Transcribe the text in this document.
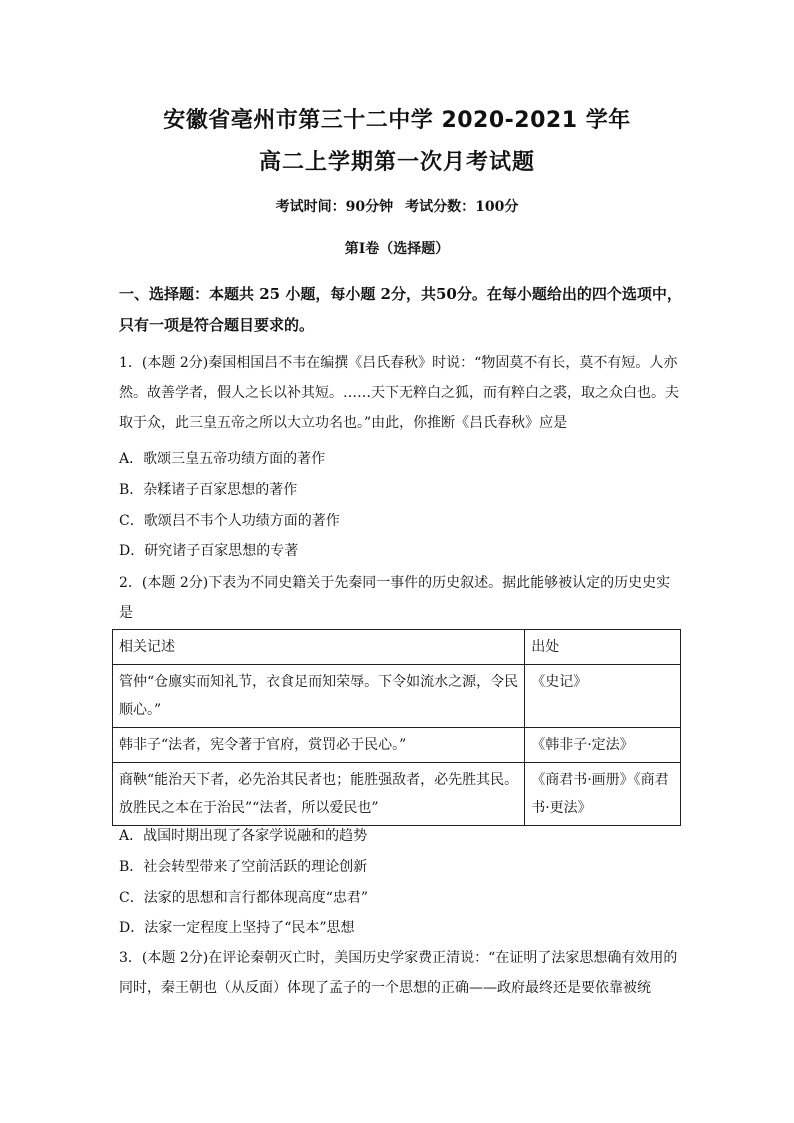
安徽省亳州市第三十二中学 2020-2021 学年
高二上学期第一次月考试题
考试时间：90分钟 考试分数：100分
第Ⅰ卷（选择题）
一、选择题：本题共 25 小题，每小题 2分，共50分。在每小题给出的四个选项中，只有一项是符合题目要求的。
1．(本题 2分)秦国相国吕不韦在编撰《吕氏春秋》时说：“物固莫不有长，莫不有短。人亦然。故善学者，假人之长以补其短。……天下无粹白之狐，而有粹白之裘，取之众白也。夫取于众，此三皇五帝之所以大立功名也。”由此，你推断《吕氏春秋》应是
A．歌颂三皇五帝功绩方面的著作
B．杂糅诸子百家思想的著作
C．歌颂吕不韦个人功绩方面的著作
D．研究诸子百家思想的专著
2．(本题 2分)下表为不同史籍关于先秦同一事件的历史叙述。据此能够被认定的历史史实是
相关记述	出处
管仲“仓廪实而知礼节，衣食足而知荣辱。下令如流水之源，令民顺心。”	《史记》
韩非子“法者，宪令著于官府，赏罚必于民心。”	《韩非子·定法》
商鞅“能治天下者，必先治其民者也；能胜强敌者，必先胜其民。放胜民之本在于治民”“法者，所以爱民也”	《商君书·画册》《商君书·更法》
A．战国时期出现了各家学说融和的趋势
B．社会转型带来了空前活跃的理论创新
C．法家的思想和言行都体现高度“忠君”
D．法家一定程度上坚持了“民本”思想
3．(本题 2分)在评论秦朝灭亡时，美国历史学家费正清说：“在证明了法家思想确有效用的同时，秦王朝也（从反面）体现了孟子的一个思想的正确——政府最终还是要依靠被统
